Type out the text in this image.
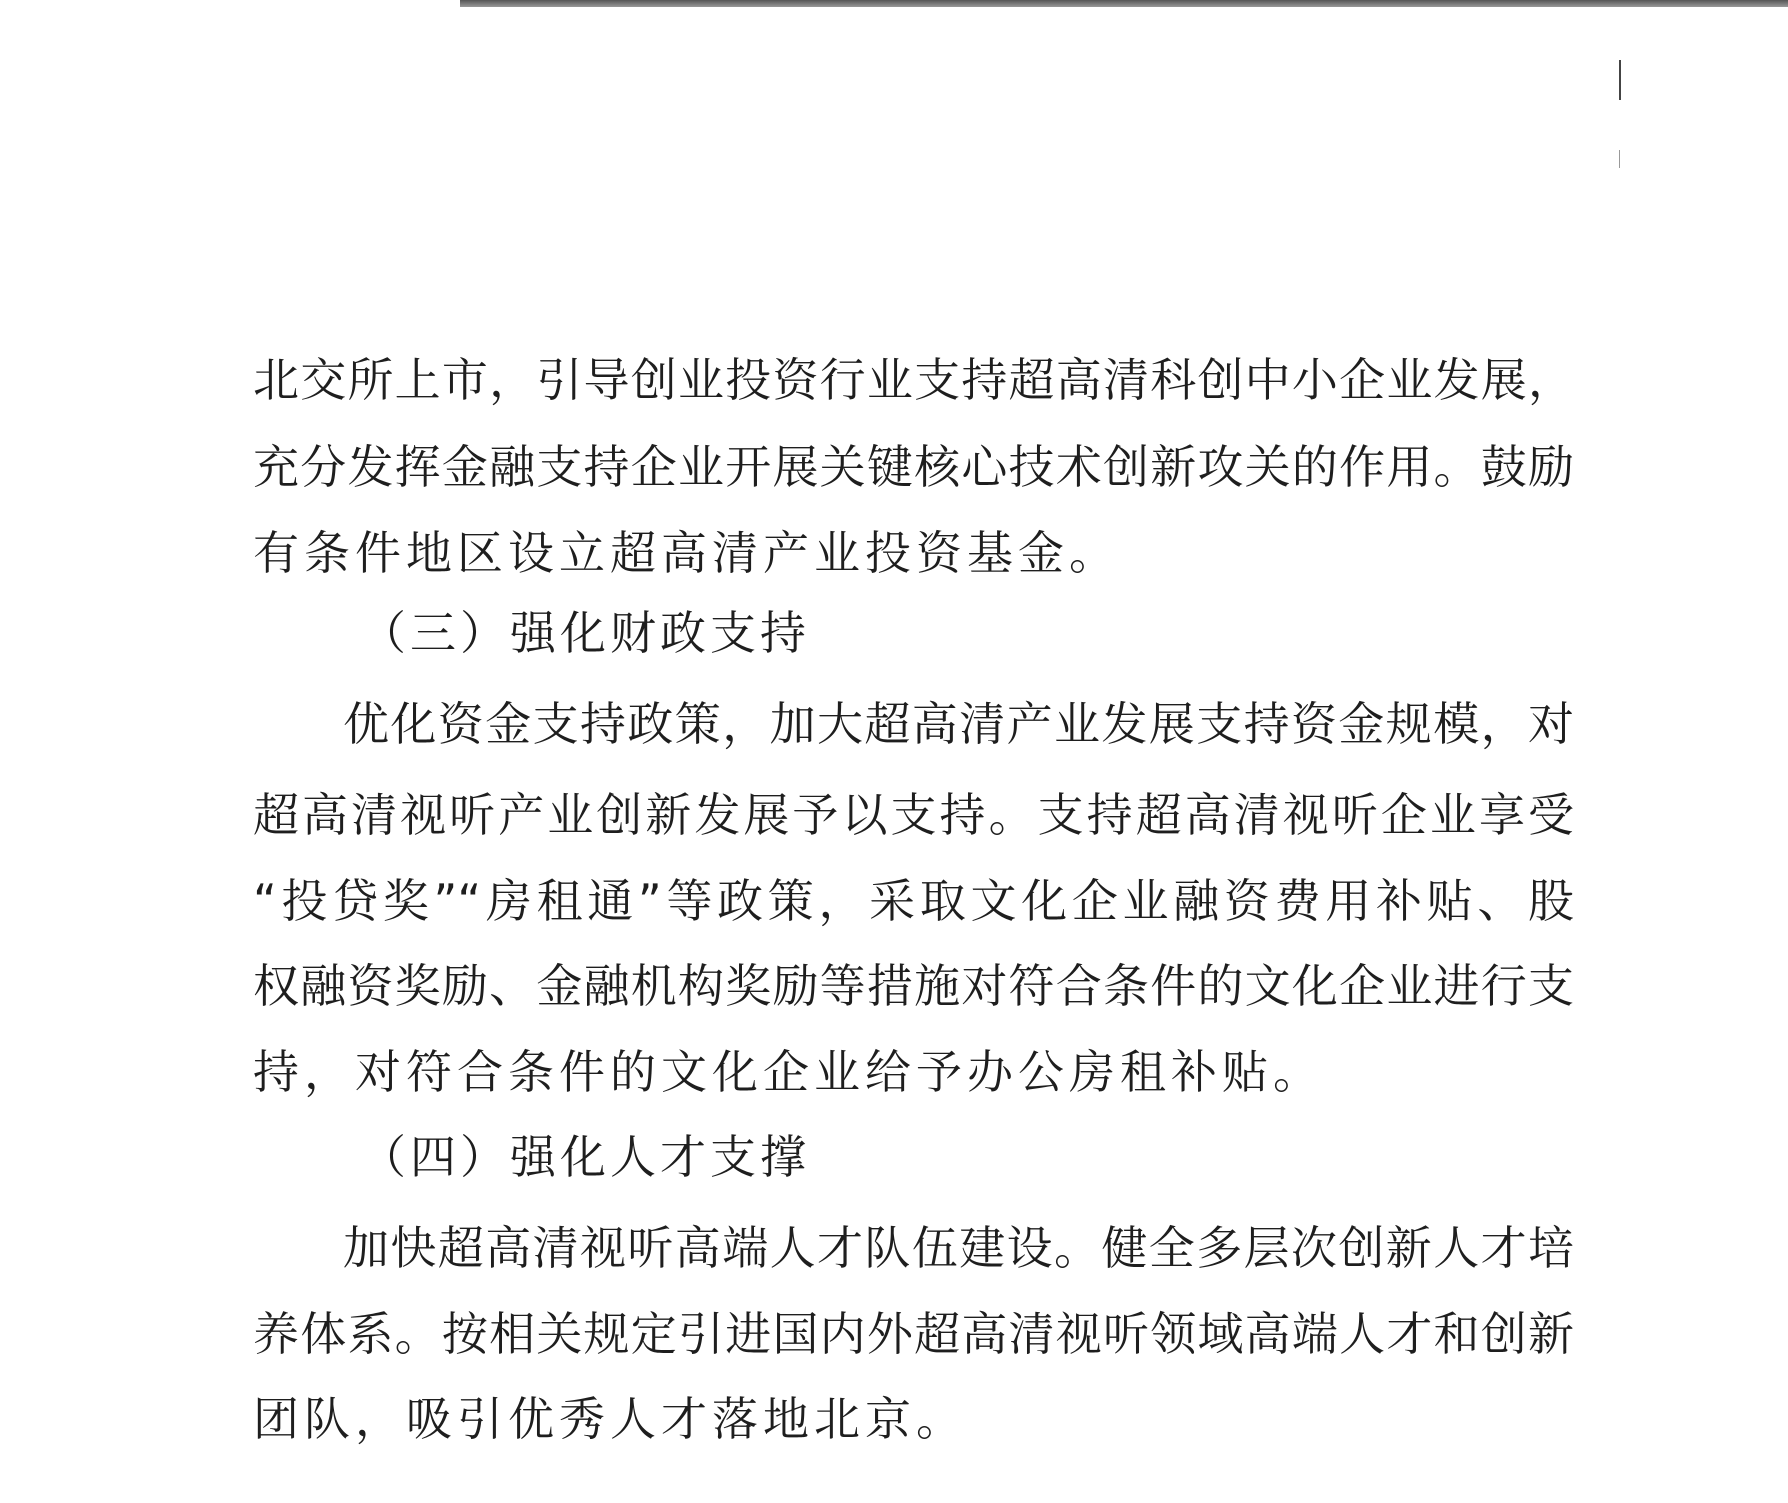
北交所上市，引导创业投资行业支持超高清科创中小企业发展，
充分发挥金融支持企业开展关键核心技术创新攻关的作用。鼓励
有条件地区设立超高清产业投资基金。
（三）强化财政支持
优化资金支持政策，加大超高清产业发展支持资金规模，对
超高清视听产业创新发展予以支持。支持超高清视听企业享受
“投贷奖”“房租通”等政策，采取文化企业融资费用补贴、股
权融资奖励、金融机构奖励等措施对符合条件的文化企业进行支
持，对符合条件的文化企业给予办公房租补贴。
（四）强化人才支撑
加快超高清视听高端人才队伍建设。健全多层次创新人才培
养体系。按相关规定引进国内外超高清视听领域高端人才和创新
团队，吸引优秀人才落地北京。
